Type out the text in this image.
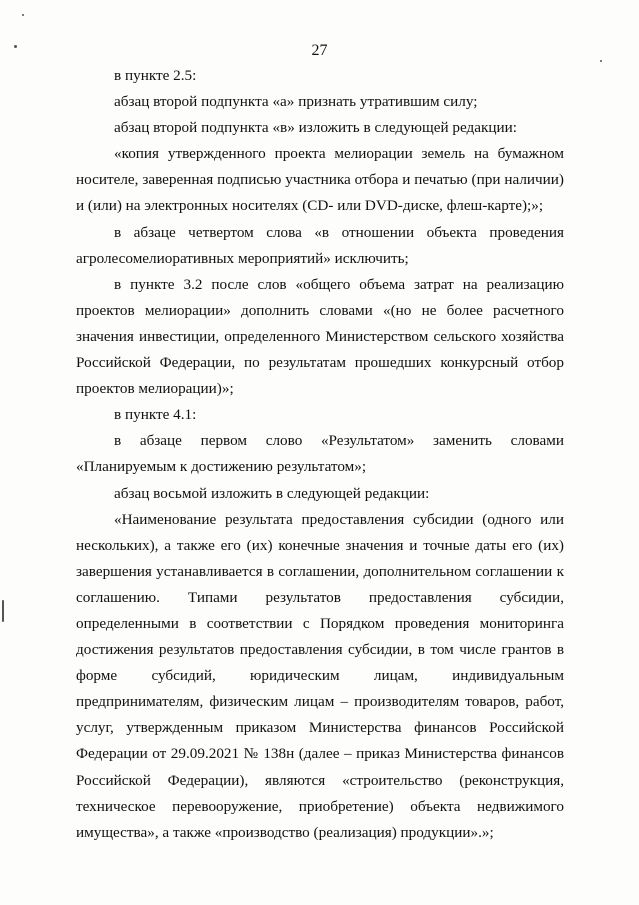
27

в пункте 2.5:

абзац второй подпункта «а» признать утратившим силу;

абзац второй подпункта «в» изложить в следующей редакции:

«копия утвержденного проекта мелиорации земель на бумажном носителе, заверенная подписью участника отбора и печатью (при наличии) и (или) на электронных носителях (CD- или DVD-диске, флеш-карте);»;

в абзаце четвертом слова «в отношении объекта проведения агролесомелиоративных мероприятий» исключить;

в пункте 3.2 после слов «общего объема затрат на реализацию проектов мелиорации» дополнить словами «(но не более расчетного значения инвестиции, определенного Министерством сельского хозяйства Российской Федерации, по результатам прошедших конкурсный отбор проектов мелиорации)»;

в пункте 4.1:

в абзаце первом слово «Результатом» заменить словами «Планируемым к достижению результатом»;

абзац восьмой изложить в следующей редакции:

«Наименование результата предоставления субсидии (одного или нескольких), а также его (их) конечные значения и точные даты его (их) завершения устанавливается в соглашении, дополнительном соглашении к соглашению. Типами результатов предоставления субсидии, определенными в соответствии с Порядком проведения мониторинга достижения результатов предоставления субсидии, в том числе грантов в форме субсидий, юридическим лицам, индивидуальным предпринимателям, физическим лицам – производителям товаров, работ, услуг, утвержденным приказом Министерства финансов Российской Федерации от 29.09.2021 № 138н (далее – приказ Министерства финансов Российской Федерации), являются «строительство (реконструкция, техническое перевооружение, приобретение) объекта недвижимого имущества», а также «производство (реализация) продукции».»;
